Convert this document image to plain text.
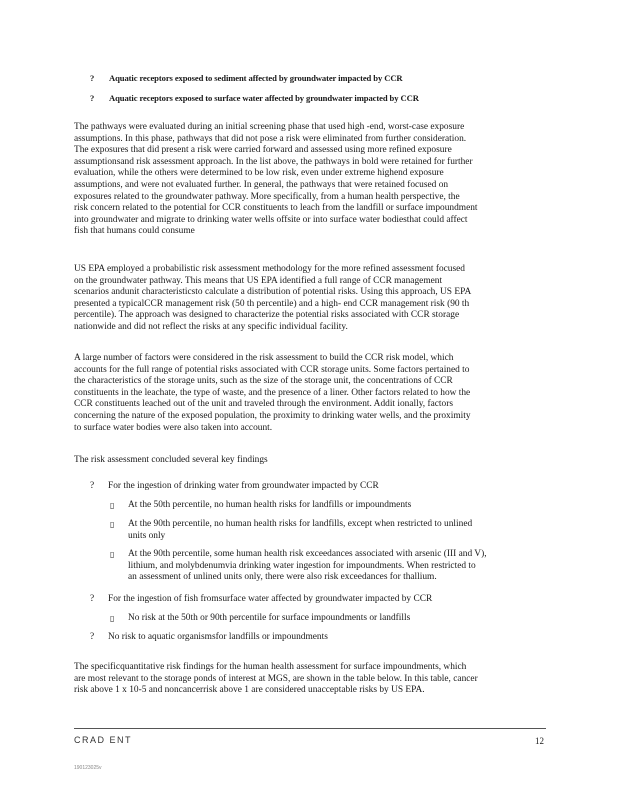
? Aquatic receptors exposed to sediment affected by groundwater impacted by CCR
? Aquatic receptors exposed to surface water affected by groundwater impacted by CCR
The pathways were evaluated during an initial screening phase that used high -end, worst-case exposure
assumptions. In this phase, pathways that did not pose a risk were eliminated from further consideration.
The exposures that did present a risk were carried forward and assessed using more refined exposure
assumptionsand risk assessment approach. In the list above, the pathways in bold were retained for further
evaluation, while the others were determined to be low risk, even under extreme highend exposure
assumptions, and were not evaluated further. In general, the pathways that were retained focused on
exposures related to the groundwater pathway. More specifically, from a human health perspective, the
risk concern related to the potential for CCR constituents to leach from the landfill or surface impoundment
into groundwater and migrate to drinking water wells offsite or into surface water bodiesthat could affect
fish that humans could consume
US EPA employed a probabilistic risk assessment methodology for the more refined assessment focused
on the groundwater pathway. This means that US EPA identified a full range of CCR management
scenarios andunit characteristicsto calculate a distribution of potential risks. Using this approach, US EPA
presented a typicalCCR management risk (50 th percentile) and a high- end CCR management risk (90 th
percentile). The approach was designed to characterize the potential risks associated with CCR storage
nationwide and did not reflect the risks at any specific individual facility.
A large number of factors were considered in the risk assessment to build the CCR risk model, which
accounts for the full range of potential risks associated with CCR storage units. Some factors pertained to
the characteristics of the storage units, such as the size of the storage unit, the concentrations of CCR
constituents in the leachate, the type of waste, and the presence of a liner. Other factors related to how the
CCR constituents leached out of the unit and traveled through the environment. Addit ionally, factors
concerning the nature of the exposed population, the proximity to drinking water wells, and the proximity
to surface water bodies were also taken into account.
The risk assessment concluded several key findings
? For the ingestion of drinking water from groundwater impacted by CCR
▯ At the 50th percentile, no human health risks for landfills or impoundments
▯ At the 90th percentile, no human health risks for landfills, except when restricted to unlined
units only
▯ At the 90th percentile, some human health risk exceedances associated with arsenic (III and V),
lithium, and molybdenumvia drinking water ingestion for impoundments. When restricted to
an assessment of unlined units only, there were also risk exceedances for thallium.
? For the ingestion of fish fromsurface water affected by groundwater impacted by CCR
▯ No risk at the 50th or 90th percentile for surface impoundments or landfills
? No risk to aquatic organismsfor landfills or impoundments
The specificquantitative risk findings for the human health assessment for surface impoundments, which
are most relevant to the storage ponds of interest at MGS, are shown in the table below. In this table, cancer
risk above 1 x 10-5 and noncancerrisk above 1 are considered unacceptable risks by US EPA.
CRAD ENT	12
190123025v
